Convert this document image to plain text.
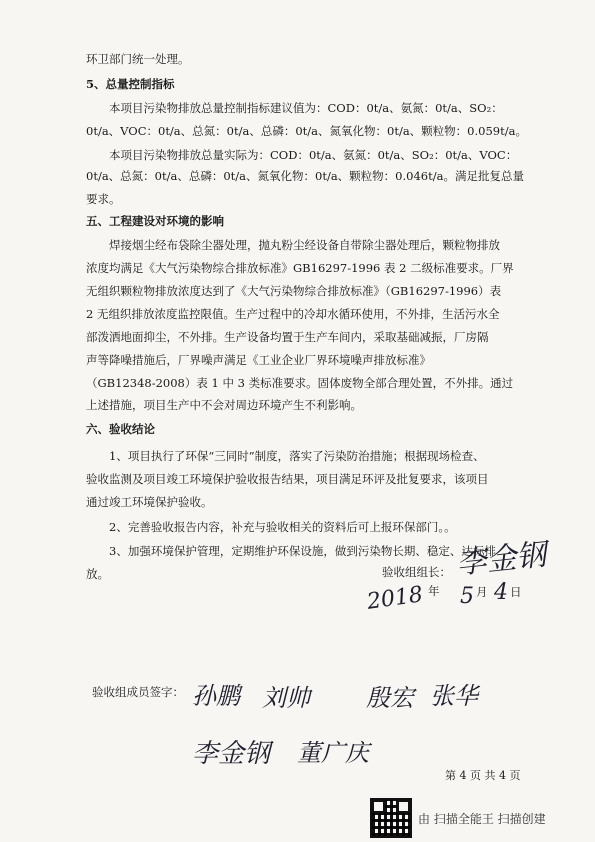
环卫部门统一处理。
5、总量控制指标
　　本项目污染物排放总量控制指标建议值为：COD：0t/a、氨氮：0t/a、SO₂：
0t/a、VOC：0t/a、总氮：0t/a、总磷：0t/a、氮氧化物：0t/a、颗粒物：0.059t/a。
　　本项目污染物排放总量实际为：COD：0t/a、氨氮：0t/a、SO₂：0t/a、VOC：
0t/a、总氮：0t/a、总磷：0t/a、氮氧化物：0t/a、颗粒物：0.046t/a。满足批复总量
要求。
五、工程建设对环境的影响
　　焊接烟尘经布袋除尘器处理，抛丸粉尘经设备自带除尘器处理后，颗粒物排放
浓度均满足《大气污染物综合排放标准》GB16297-1996 表 2 二级标准要求。厂界
无组织颗粒物排放浓度达到了《大气污染物综合排放标准》（GB16297-1996）表
2 无组织排放浓度监控限值。生产过程中的冷却水循环使用，不外排，生活污水全
部泼洒地面抑尘，不外排。生产设备均置于生产车间内，采取基础减振，厂房隔
声等降噪措施后，厂界噪声满足《工业企业厂界环境噪声排放标准》
（GB12348-2008）表 1 中 3 类标准要求。固体废物全部合理处置，不外排。通过
上述措施，项目生产中不会对周边环境产生不利影响。
六、验收结论
　　1、项目执行了环保“三同时”制度，落实了污染防治措施；根据现场检查、
验收监测及项目竣工环境保护验收报告结果，项目满足环评及批复要求，该项目
通过竣工环境保护验收。
　　2、完善验收报告内容，补充与验收相关的资料后可上报环保部门。。
　　3、加强环境保护管理，定期维护环保设施，做到污染物长期、稳定、达标排
放。	验收组组长： 李金钢
2018 年 5 月 4 日
验收组成员签字： 孙鹏 刘帅 殷宏 张华
李金钢 董广庆
第 4 页 共 4 页
由 扫描全能王 扫描创建
